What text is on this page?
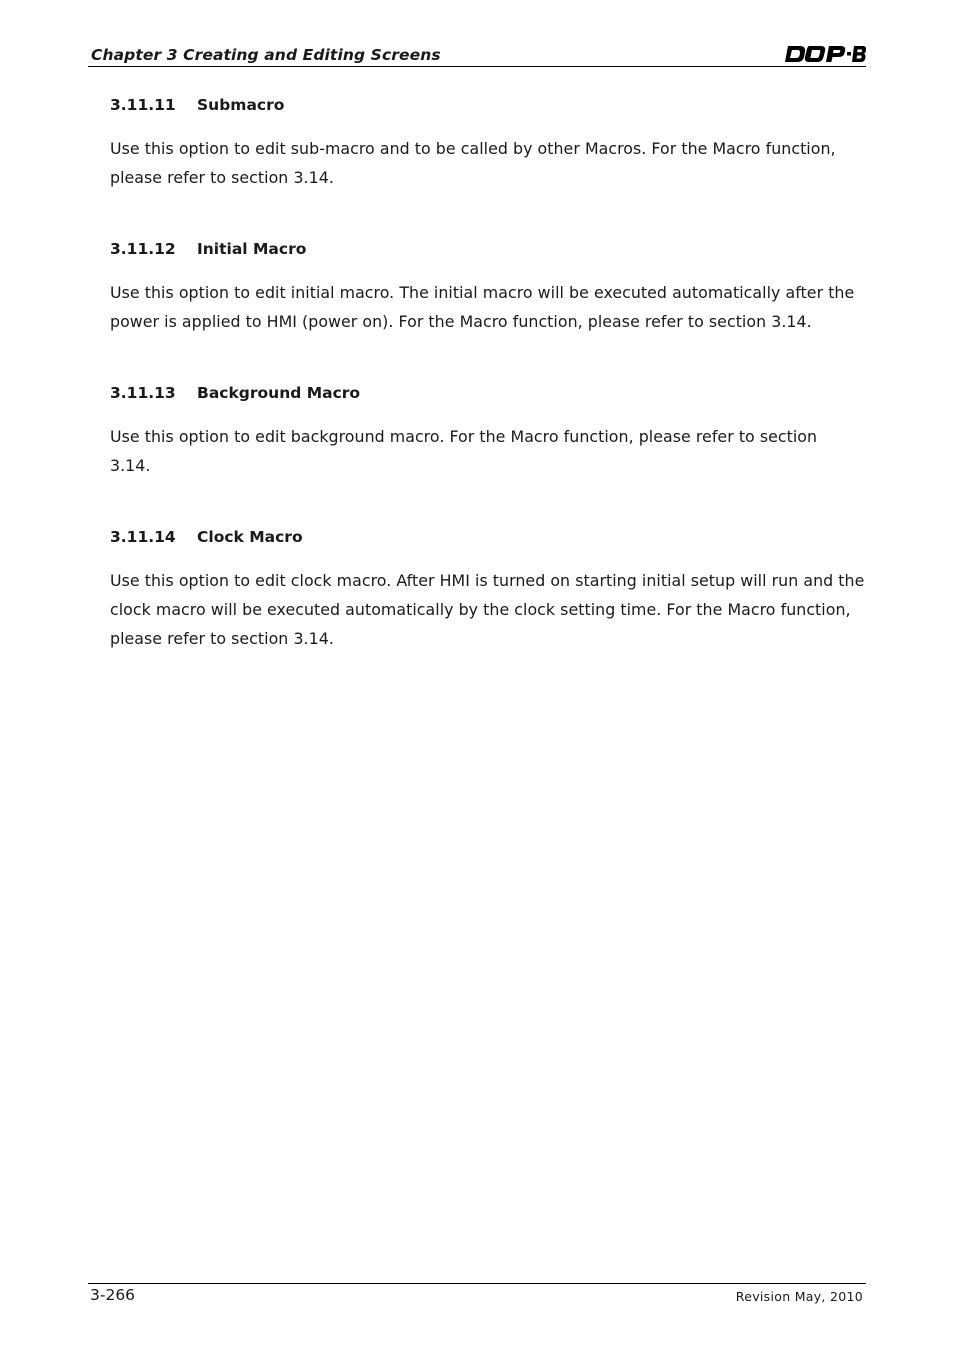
Chapter 3 Creating and Editing Screens
3.11.11 Submacro

Use this option to edit sub-macro and to be called by other Macros. For the Macro function, please refer to section 3.14.

3.11.12 Initial Macro

Use this option to edit initial macro. The initial macro will be executed automatically after the power is applied to HMI (power on). For the Macro function, please refer to section 3.14.

3.11.13 Background Macro

Use this option to edit background macro. For the Macro function, please refer to section 3.14.

3.11.14 Clock Macro

Use this option to edit clock macro. After HMI is turned on starting initial setup will run and the clock macro will be executed automatically by the clock setting time. For the Macro function, please refer to section 3.14.

3-266	Revision May, 2010
